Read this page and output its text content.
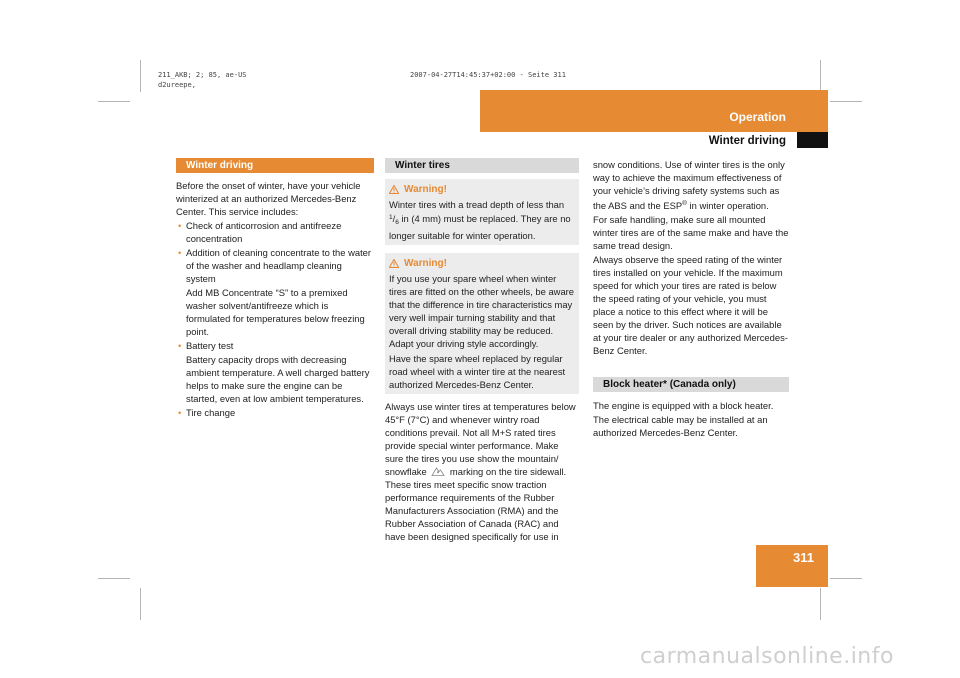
211_AKB; 2; 85, ae-US
d2ureepe,
2007-04-27T14:45:37+02:00 - Seite 311
Operation
Winter driving
Winter driving

Before the onset of winter, have your vehicle winterized at an authorized Mercedes-Benz Center. This service includes:

• Check of anticorrosion and antifreeze concentration
• Addition of cleaning concentrate to the water of the washer and headlamp cleaning system
Add MB Concentrate “S” to a premixed washer solvent/antifreeze which is formulated for temperatures below freezing point.
• Battery test
Battery capacity drops with decreasing ambient temperature. A well charged battery helps to make sure the engine can be started, even at low ambient temperatures.
• Tire change
Winter tires
Warning!
Winter tires with a tread depth of less than $^1/_6$ in (4 mm) must be replaced. They are no longer suitable for winter operation.
Warning!

If you use your spare wheel when winter tires are fitted on the other wheels, be aware that the difference in tire characteristics may very well impair turning stability and that overall driving stability may be reduced. Adapt your driving style accordingly.

Have the spare wheel replaced by regular road wheel with a winter tire at the nearest authorized Mercedes-Benz Center.

Always use winter tires at temperatures below 45°F (7°C) and whenever wintry road conditions prevail. Not all M+S rated tires provide special winter performance. Make sure the tires you use show the mountain/ snowflake marking on the tire sidewall. These tires meet specific snow traction performance requirements of the Rubber Manufacturers Association (RMA) and the Rubber Association of Canada (RAC) and have been designed specifically for use in

snow conditions. Use of winter tires is the only way to achieve the maximum effectiveness of your vehicle’s driving safety systems such as the ABS and the ESP® in winter operation.

For safe handling, make sure all mounted winter tires are of the same make and have the same tread design.

Always observe the speed rating of the winter tires installed on your vehicle. If the maximum speed for which your tires are rated is below the speed rating of your vehicle, you must place a notice to this effect where it will be seen by the driver. Such notices are available at your tire dealer or any authorized Mercedes-Benz Center.

Block heater* (Canada only)

The engine is equipped with a block heater.

The electrical cable may be installed at an authorized Mercedes-Benz Center.

311
carmanualsonline.info
